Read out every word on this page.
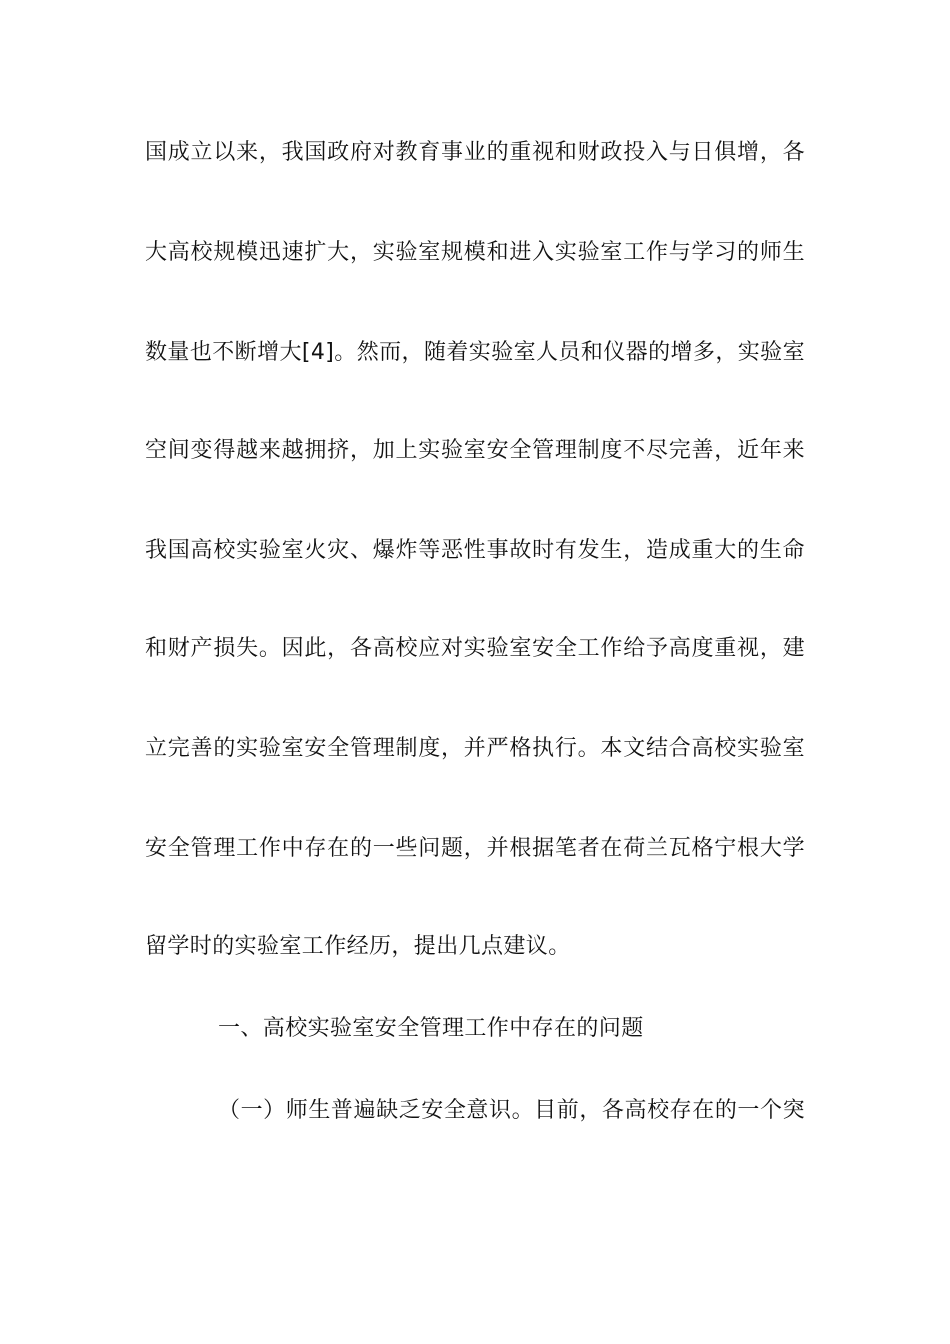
国成立以来，我国政府对教育事业的重视和财政投入与日俱增，各
大高校规模迅速扩大，实验室规模和进入实验室工作与学习的师生
数量也不断增大[4]。然而，随着实验室人员和仪器的增多，实验室
空间变得越来越拥挤，加上实验室安全管理制度不尽完善，近年来
我国高校实验室火灾、爆炸等恶性事故时有发生，造成重大的生命
和财产损失。因此，各高校应对实验室安全工作给予高度重视，建
立完善的实验室安全管理制度，并严格执行。本文结合高校实验室
安全管理工作中存在的一些问题，并根据笔者在荷兰瓦格宁根大学
留学时的实验室工作经历，提出几点建议。
一、高校实验室安全管理工作中存在的问题
（一）师生普遍缺乏安全意识。目前，各高校存在的一个突
